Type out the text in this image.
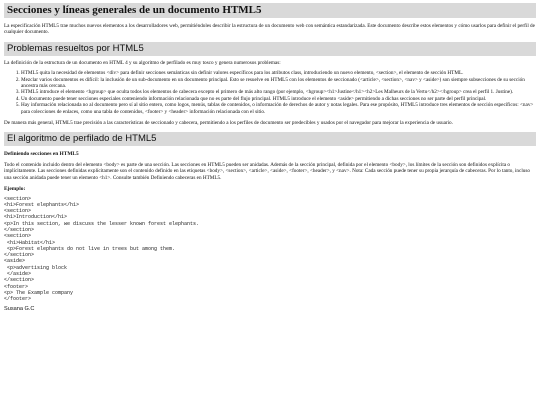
Secciones y líneas generales de un documento HTML5

La especificación HTML5 trae muchos nuevos elementos a los desarrolladores web, permitiéndoles describir la estructura de un documento web con semántica estandarizada. Este documento describe estos elementos y cómo usarlos para definir el perfil de cualquier documento.

Problemas resueltos por HTML5

La definición de la estructura de un documento en HTML 4 y su algoritmo de perfilado es muy tosco y genera numerosos problemas:

1. HTML5 quita la necesidad de elementos <div> para definir secciones semánticas sin definir valores específicos para los atributos class, introduciendo un nuevo elemento, <section>, el elemento de sección HTML.
2. Mezclar varios documentos es difícil: la inclusión de un sub-documento en un documento principal. Esto se resuelve en HTML5 con los elementos de seccionado (<article>, <section>, <nav> y <aside>) son siempre subsecciones de su sección ancestra más cercana.
3. HTML5 introduce el elemento <hgroup> que oculta todos los elementos de cabecera excepto el primero de más alto rango (por ejemplo, <hgroup><h1>Justine</h1><h2>Les Malheurs de la Vertu</h2></hgroup> crea el perfil 1. Justine).
4. Un documento puede tener secciones especiales conteniendo información relacionada que no es parte del flujo principal. HTML5 introduce el elemento <aside> permitiendo a dichas secciones no ser parte del perfil principal.
5. Hay información relacionada no al documento pero sí al sitio entero, como logos, menús, tablas de contenidos, o información de derechos de autor y notas legales. Para ese propósito, HTML5 introduce tres elementos de sección específicos: <nav> para colecciones de enlaces, como una tabla de contenidos, <footer> y <header> información relacionada con el sitio.

De manera más general, HTML5 trae precisión a las características de seccionado y cabecera, permitiendo a los perfiles de documento ser predecibles y usados por el navegador para mejorar la experiencia de usuario.

El algoritmo de perfilado de HTML5
Definiendo secciones en HTML5

Todo el contenido incluido dentro del elemento <body> es parte de una sección. Las secciones en HTML5 pueden ser anidadas. Además de la sección principal, definida por el elemento <body>, los límites de la sección son definidos explícita o implícitamente. Las secciones definidas explícitamente son el contenido definido en las etiquetas <body>, <section>, <article>, <aside>, <footer>, <header>, y <nav>. Nota: Cada sección puede tener su propia jerarquía de cabeceras. Por lo tanto, incluso una sección anidada puede tener un elemento <h1>. Consulte también Definiendo cabeceras en HTML5.

Ejemplo:
<section>
<h1>Forest elephants</h1>
<section>
<h1>Introduction</h1>
<p>In this section, we discuss the lesser known forest elephants.
</section>
<section>
<h1>Habitat</h1>
<p>Forest elephants do not live in trees but among them.
</section>
<aside>
<p>advertising block
</aside>
</section>
<footer>
<p> The Example company
</footer>
Susana G.C
